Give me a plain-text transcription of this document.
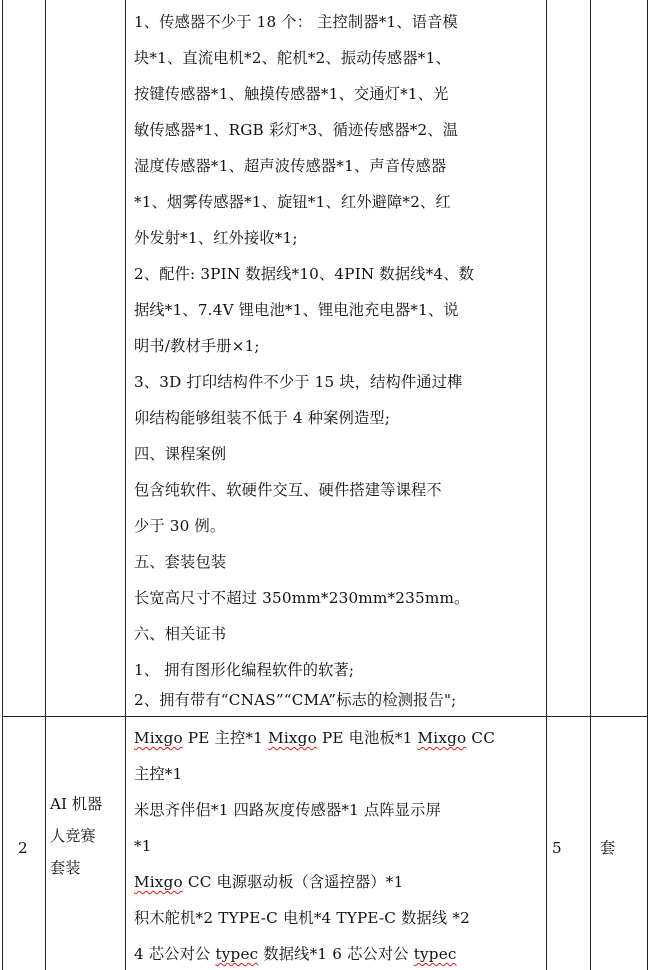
1、传感器不少于 18 个： 主控制器*1、语音模
块*1、直流电机*2、舵机*2、振动传感器*1、
按键传感器*1、触摸传感器*1、交通灯*1、光
敏传感器*1、RGB 彩灯*3、循迹传感器*2、温
湿度传感器*1、超声波传感器*1、声音传感器
*1、烟雾传感器*1、旋钮*1、红外避障*2、红
外发射*1、红外接收*1;
2、配件: 3PIN 数据线*10、4PIN 数据线*4、数
据线*1、7.4V 锂电池*1、锂电池充电器*1、说
明书/教材手册×1;
3、3D 打印结构件不少于 15 块，结构件通过榫
卯结构能够组装不低于 4 种案例造型;
四、课程案例
包含纯软件、软硬件交互、硬件搭建等课程不
少于 30 例。
五、套装包装
长宽高尺寸不超过 350mm*230mm*235mm。
六、相关证书
1、 拥有图形化编程软件的软著;
2、拥有带有“CNAS”“CMA”标志的检测报告";
2
AI 机器
人竞赛
套装
Mixgo PE 主控*1 Mixgo PE 电池板*1 Mixgo CC
主控*1
米思齐伴侣*1 四路灰度传感器*1 点阵显示屏
*1
Mixgo CC 电源驱动板（含遥控器）*1
积木舵机*2 TYPE-C 电机*4 TYPE-C 数据线 *2
4 芯公对公 typec 数据线*1 6 芯公对公 typec
5	套
